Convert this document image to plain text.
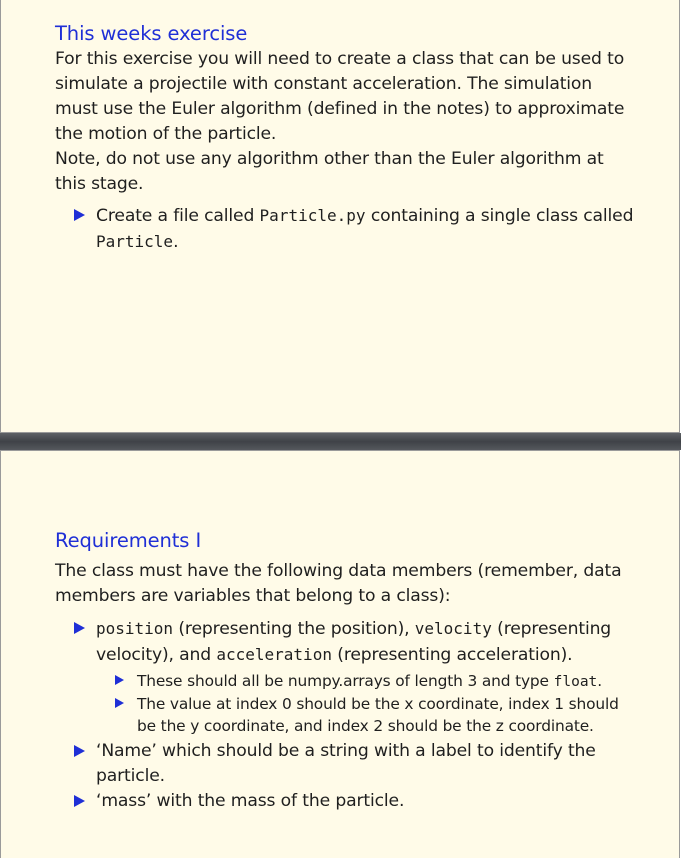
This weeks exercise

For this exercise you will need to create a class that can be used to simulate a projectile with constant acceleration. The simulation must use the Euler algorithm (defined in the notes) to approximate the motion of the particle.

Note, do not use any algorithm other than the Euler algorithm at this stage.

Create a file called Particle.py containing a single class called Particle.
Requirements I

The class must have the following data members (remember, data members are variables that belong to a class):

position (representing the position), velocity (representing velocity), and acceleration (representing acceleration).
These should all be numpy.arrays of length 3 and type float.
The value at index 0 should be the x coordinate, index 1 should be the y coordinate, and index 2 should be the z coordinate.
‘Name’ which should be a string with a label to identify the particle.
‘mass’ with the mass of the particle.
